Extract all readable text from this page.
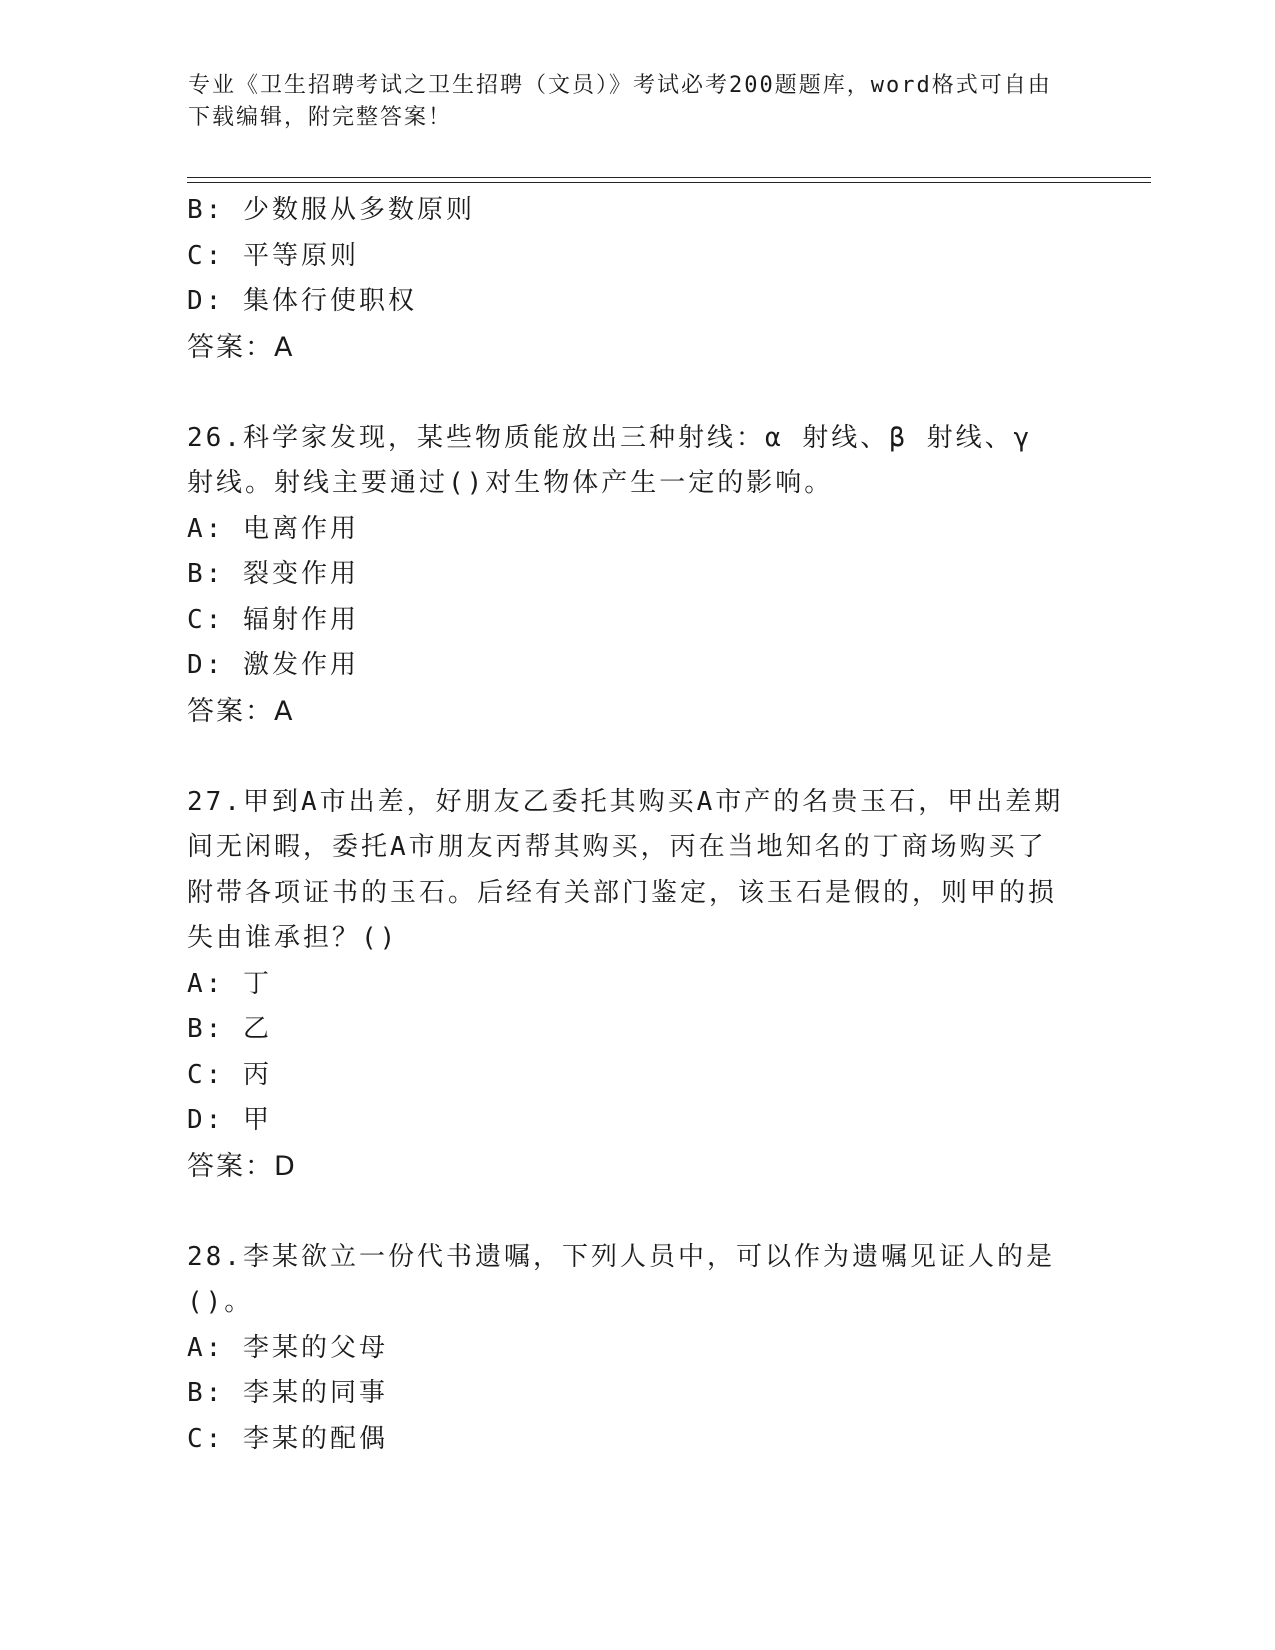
专业《卫生招聘考试之卫生招聘（文员）》考试必考200题题库，word格式可自由下载编辑，附完整答案！

B: 少数服从多数原则

C: 平等原则

D: 集体行使职权

答案：A

26.科学家发现，某些物质能放出三种射线：α 射线、β 射线、γ 射线。射线主要通过()对生物体产生一定的影响。

A: 电离作用

B: 裂变作用

C: 辐射作用

D: 激发作用

答案：A

27.甲到A市出差，好朋友乙委托其购买A市产的名贵玉石，甲出差期间无闲暇，委托A市朋友丙帮其购买，丙在当地知名的丁商场购买了附带各项证书的玉石。后经有关部门鉴定，该玉石是假的，则甲的损失由谁承担？()

A: 丁

B: 乙

C: 丙

D: 甲

答案：D

28.李某欲立一份代书遗嘱，下列人员中，可以作为遗嘱见证人的是()。

A: 李某的父母

B: 李某的同事

C: 李某的配偶
